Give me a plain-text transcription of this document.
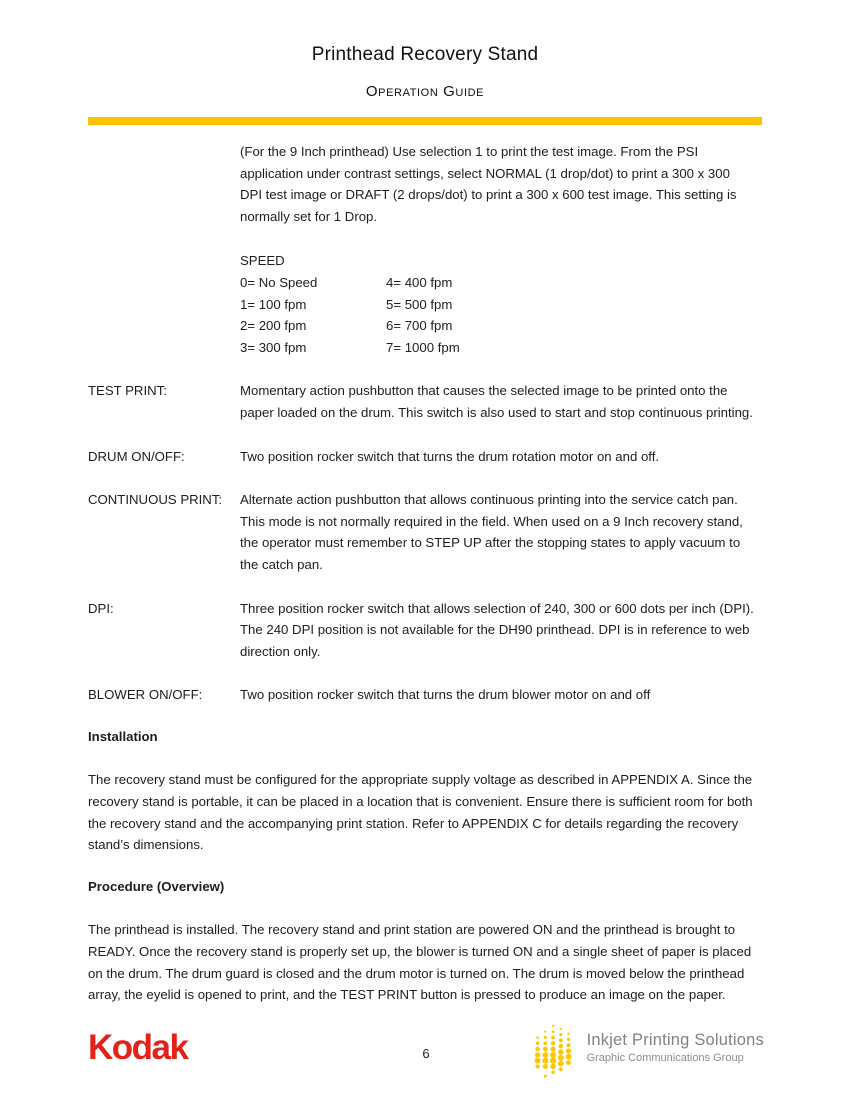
Printhead Recovery Stand
Operation Guide

(For the 9 Inch printhead) Use selection 1 to print the test image. From the PSI application under contrast settings, select NORMAL (1 drop/dot) to print a 300 x 300 DPI test image or DRAFT (2 drops/dot) to print a 300 x 600 test image. This setting is normally set for 1 Drop.

SPEED
0= No Speed	4= 400 fpm
1= 100 fpm	5= 500 fpm
2= 200 fpm	6= 700 fpm
3= 300 fpm	7= 1000 fpm
TEST PRINT:	Momentary action pushbutton that causes the selected image to be printed onto the paper loaded on the drum. This switch is also used to start and stop continuous printing.
DRUM ON/OFF:	Two position rocker switch that turns the drum rotation motor on and off.
CONTINUOUS PRINT:	Alternate action pushbutton that allows continuous printing into the service catch pan. This mode is not normally required in the field. When used on a 9 Inch recovery stand, the operator must remember to STEP UP after the stopping states to apply vacuum to the catch pan.
DPI:	Three position rocker switch that allows selection of 240, 300 or 600 dots per inch (DPI). The 240 DPI position is not available for the DH90 printhead. DPI is in reference to web direction only.
BLOWER ON/OFF:	Two position rocker switch that turns the drum blower motor on and off
Installation

The recovery stand must be configured for the appropriate supply voltage as described in APPENDIX A. Since the recovery stand is portable, it can be placed in a location that is convenient. Ensure there is sufficient room for both the recovery stand and the accompanying print station. Refer to APPENDIX C for details regarding the recovery stand’s dimensions.

Procedure (Overview)

The printhead is installed. The recovery stand and print station are powered ON and the printhead is brought to READY. Once the recovery stand is properly set up, the blower is turned ON and a single sheet of paper is placed on the drum. The drum guard is closed and the drum motor is turned on. The drum is moved below the printhead array, the eyelid is opened to print, and the TEST PRINT button is pressed to produce an image on the paper.

Kodak	6
Inkjet Printing Solutions
Graphic Communications Group
